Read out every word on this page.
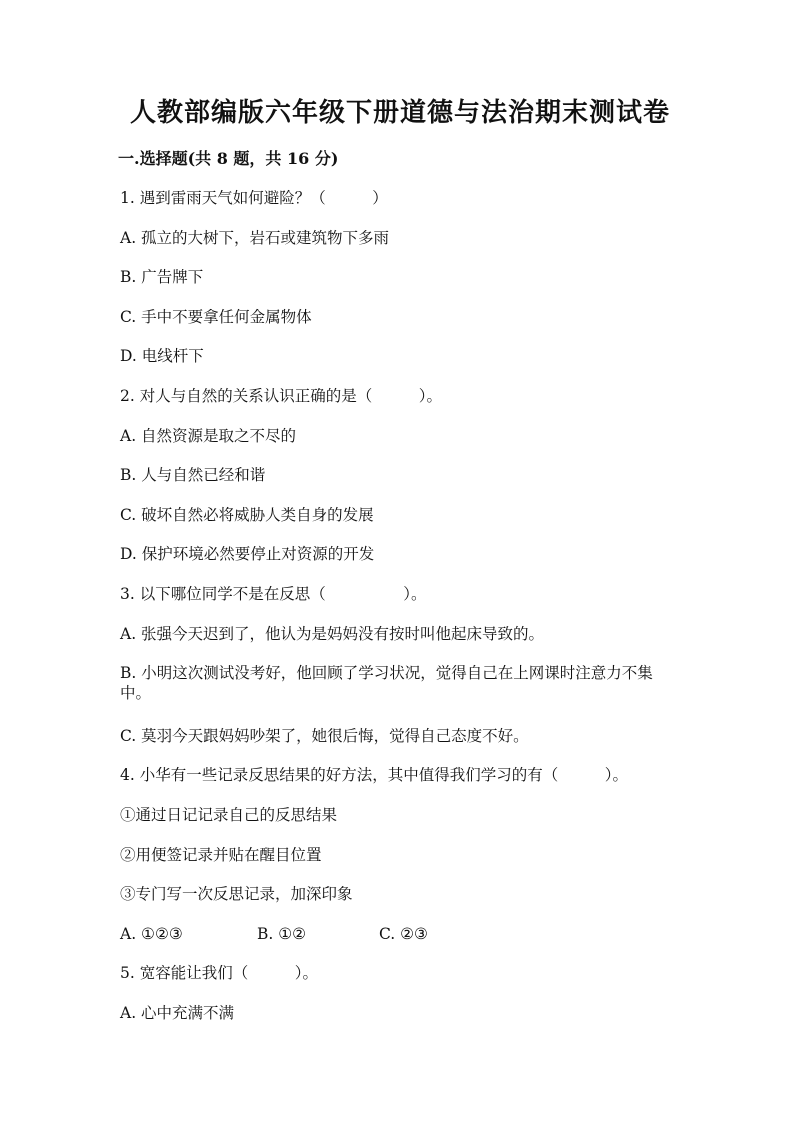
人教部编版六年级下册道德与法治期末测试卷
一.选择题(共 8 题，共 16 分)
1. 遇到雷雨天气如何避险？（　　　）
A. 孤立的大树下，岩石或建筑物下多雨
B. 广告牌下
C. 手中不要拿任何金属物体
D. 电线杆下
2. 对人与自然的关系认识正确的是（　　　）。
A. 自然资源是取之不尽的
B. 人与自然已经和谐
C. 破坏自然必将威胁人类自身的发展
D. 保护环境必然要停止对资源的开发
3. 以下哪位同学不是在反思（　　　　　）。
A. 张强今天迟到了，他认为是妈妈没有按时叫他起床导致的。
B. 小明这次测试没考好，他回顾了学习状况，觉得自己在上网课时注意力不集中。
C. 莫羽今天跟妈妈吵架了，她很后悔，觉得自己态度不好。
4. 小华有一些记录反思结果的好方法，其中值得我们学习的有（　　　）。
①通过日记记录自己的反思结果
②用便签记录并贴在醒目位置
③专门写一次反思记录，加深印象
A. ①②③	B. ①②	C. ②③
5. 宽容能让我们（　　　）。
A. 心中充满不满
